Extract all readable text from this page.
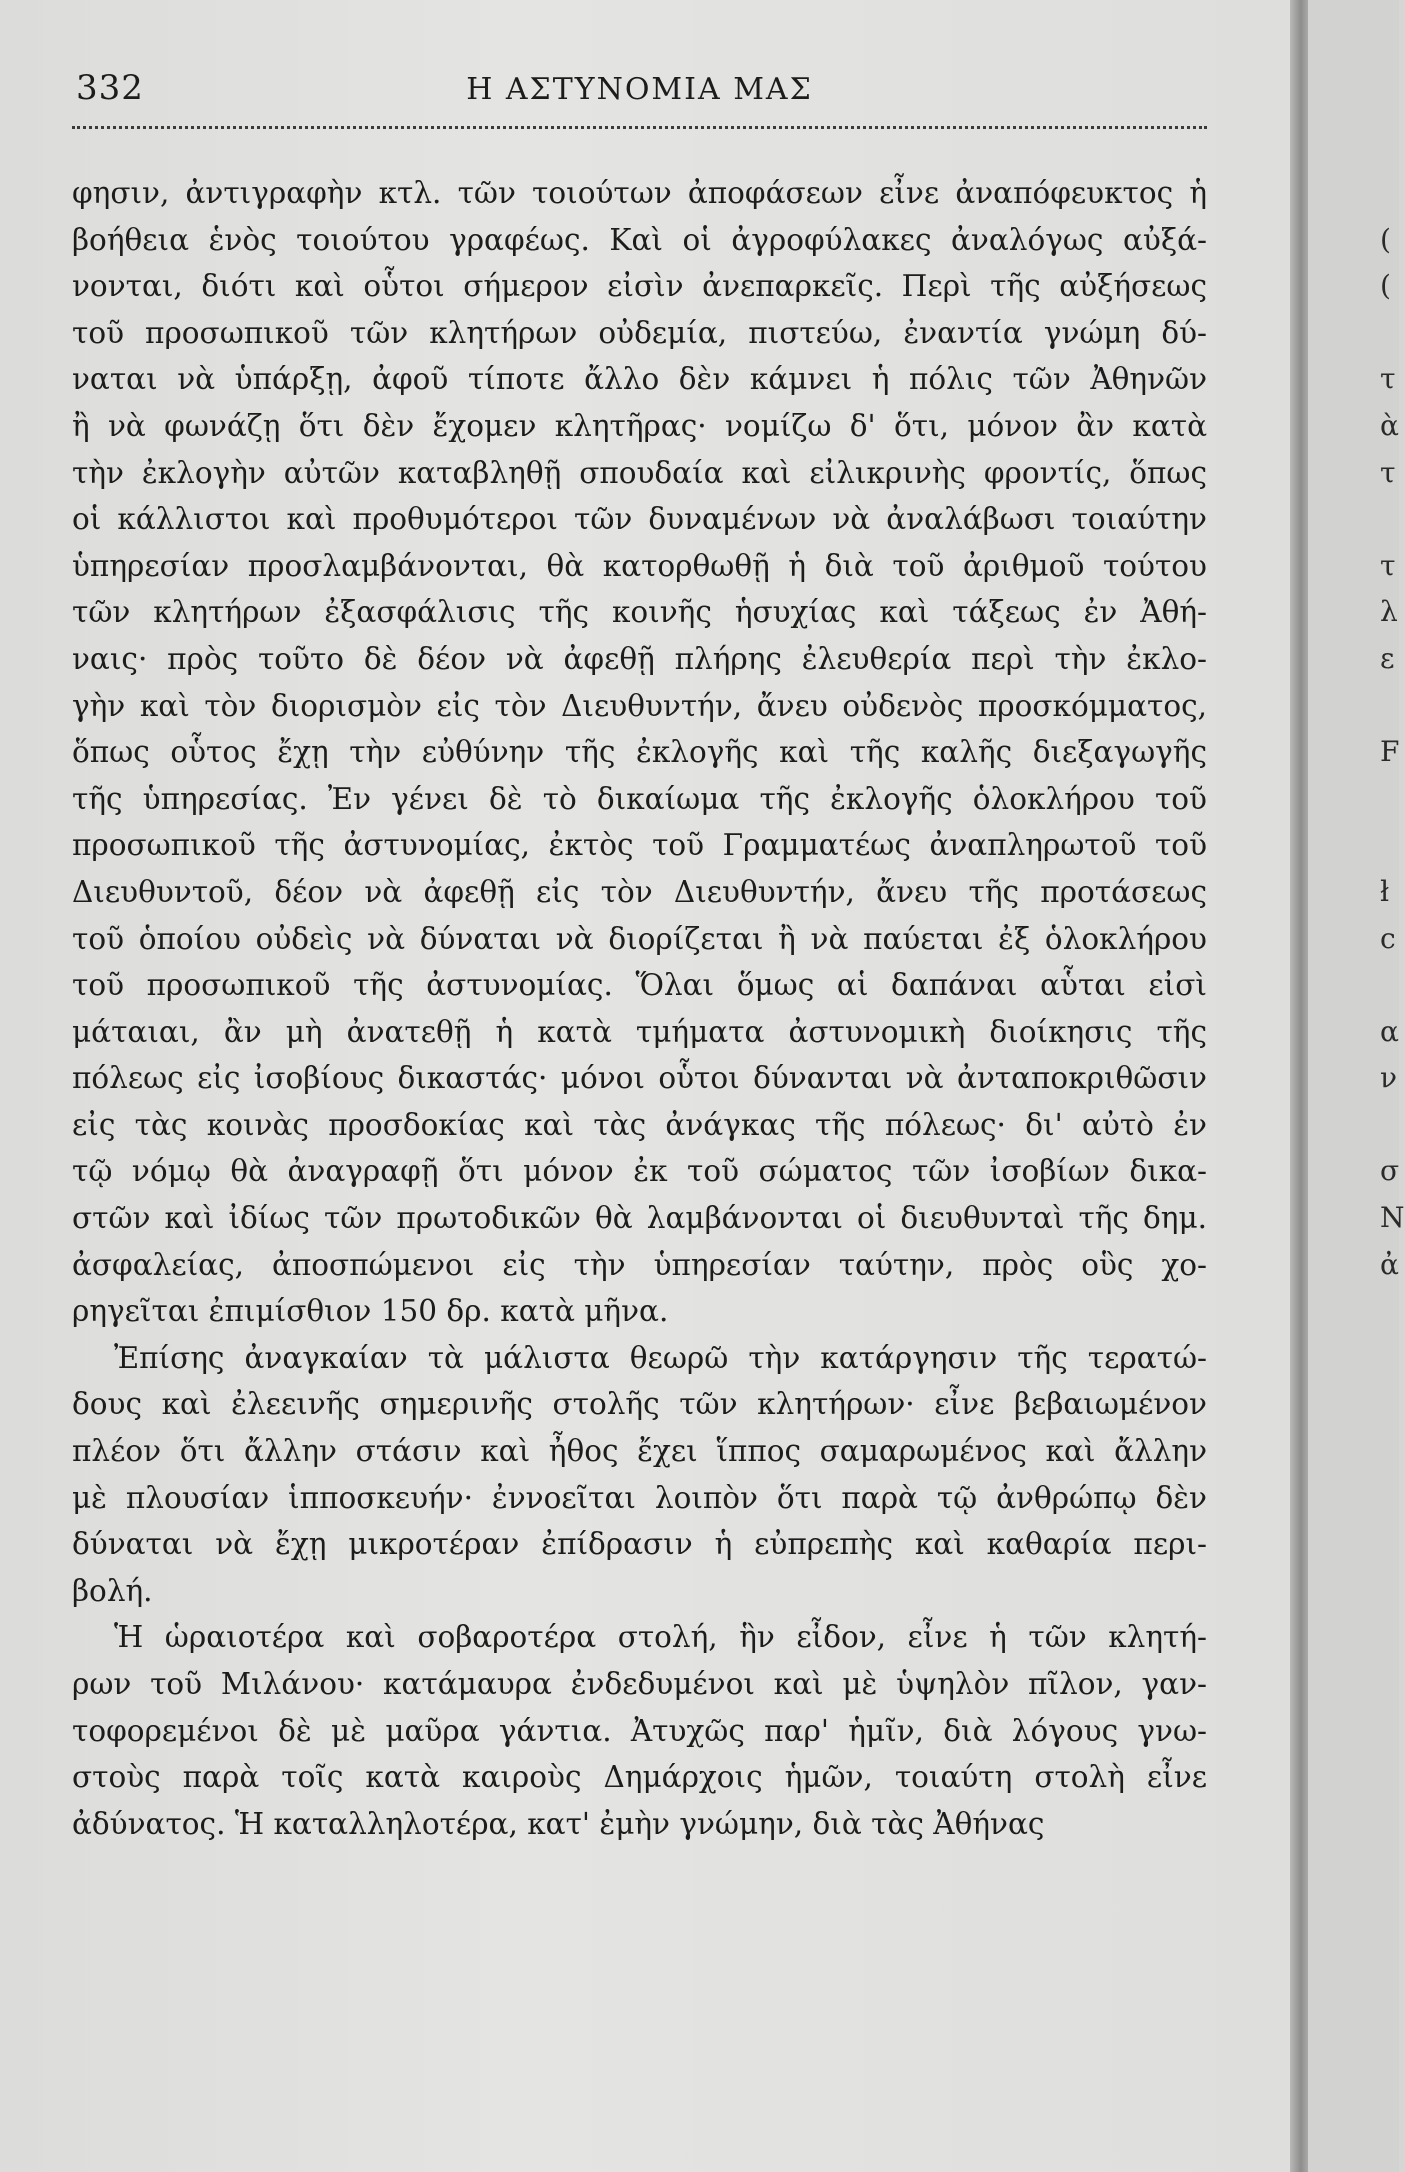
332	Η ΑΣΤΥΝΟΜΙΑ ΜΑΣ
φησιν, ἀντιγραφὴν κτλ. τῶν τοιούτων ἀποφάσεων εἶνε ἀναπόφευκτος ἡ
βοήθεια ἑνὸς τοιούτου γραφέως. Καὶ οἱ ἀγροφύλακες ἀναλόγως αὐξά-
νονται, διότι καὶ οὗτοι σήμερον εἰσὶν ἀνεπαρκεῖς. Περὶ τῆς αὐξήσεως
τοῦ προσωπικοῦ τῶν κλητήρων οὐδεμία, πιστεύω, ἐναντία γνώμη δύ-
ναται νὰ ὑπάρξῃ, ἀφοῦ τίποτε ἄλλο δὲν κάμνει ἡ πόλις τῶν Ἀθηνῶν
ἢ νὰ φωνάζῃ ὅτι δὲν ἔχομεν κλητῆρας· νομίζω δ' ὅτι, μόνον ἂν κατὰ
τὴν ἐκλογὴν αὐτῶν καταβληθῇ σπουδαία καὶ εἰλικρινὴς φροντίς, ὅπως
οἱ κάλλιστοι καὶ προθυμότεροι τῶν δυναμένων νὰ ἀναλάβωσι τοιαύτην
ὑπηρεσίαν προσλαμβάνονται, θὰ κατορθωθῇ ἡ διὰ τοῦ ἀριθμοῦ τούτου
τῶν κλητήρων ἐξασφάλισις τῆς κοινῆς ἡσυχίας καὶ τάξεως ἐν Ἀθή-
ναις· πρὸς τοῦτο δὲ δέον νὰ ἀφεθῇ πλήρης ἐλευθερία περὶ τὴν ἐκλο-
γὴν καὶ τὸν διορισμὸν εἰς τὸν Διευθυντήν, ἄνευ οὐδενὸς προσκόμματος,
ὅπως οὗτος ἔχῃ τὴν εὐθύνην τῆς ἐκλογῆς καὶ τῆς καλῆς διεξαγωγῆς
τῆς ὑπηρεσίας. Ἐν γένει δὲ τὸ δικαίωμα τῆς ἐκλογῆς ὁλοκλήρου τοῦ
προσωπικοῦ τῆς ἀστυνομίας, ἐκτὸς τοῦ Γραμματέως ἀναπληρωτοῦ τοῦ
Διευθυντοῦ, δέον νὰ ἀφεθῇ εἰς τὸν Διευθυντήν, ἄνευ τῆς προτάσεως
τοῦ ὁποίου οὐδεὶς νὰ δύναται νὰ διορίζεται ἢ νὰ παύεται ἐξ ὁλοκλήρου
τοῦ προσωπικοῦ τῆς ἀστυνομίας. Ὅλαι ὅμως αἱ δαπάναι αὗται εἰσὶ
μάταιαι, ἂν μὴ ἀνατεθῇ ἡ κατὰ τμήματα ἀστυνομικὴ διοίκησις τῆς
πόλεως εἰς ἰσοβίους δικαστάς· μόνοι οὗτοι δύνανται νὰ ἀνταποκριθῶσιν
εἰς τὰς κοινὰς προσδοκίας καὶ τὰς ἀνάγκας τῆς πόλεως· δι' αὐτὸ ἐν
τῷ νόμῳ θὰ ἀναγραφῇ ὅτι μόνον ἐκ τοῦ σώματος τῶν ἰσοβίων δικα-
στῶν καὶ ἰδίως τῶν πρωτοδικῶν θὰ λαμβάνονται οἱ διευθυνταὶ τῆς δημ.
ἀσφαλείας, ἀποσπώμενοι εἰς τὴν ὑπηρεσίαν ταύτην, πρὸς οὓς χο-
ρηγεῖται ἐπιμίσθιον 150 δρ. κατὰ μῆνα.
Ἐπίσης ἀναγκαίαν τὰ μάλιστα θεωρῶ τὴν κατάργησιν τῆς τερατώ-
δους καὶ ἐλεεινῆς σημερινῆς στολῆς τῶν κλητήρων· εἶνε βεβαιωμένον
πλέον ὅτι ἄλλην στάσιν καὶ ἦθος ἔχει ἵππος σαμαρωμένος καὶ ἄλλην
μὲ πλουσίαν ἱπποσκευήν· ἐννοεῖται λοιπὸν ὅτι παρὰ τῷ ἀνθρώπῳ δὲν
δύναται νὰ ἔχῃ μικροτέραν ἐπίδρασιν ἡ εὐπρεπὴς καὶ καθαρία περι-
βολή.
Ἡ ὡραιοτέρα καὶ σοβαροτέρα στολή, ἣν εἶδον, εἶνε ἡ τῶν κλητή-
ρων τοῦ Μιλάνου· κατάμαυρα ἐνδεδυμένοι καὶ μὲ ὑψηλὸν πῖλον, γαν-
τοφορεμένοι δὲ μὲ μαῦρα γάντια. Ἀτυχῶς παρ' ἡμῖν, διὰ λόγους γνω-
στοὺς παρὰ τοῖς κατὰ καιροὺς Δημάρχοις ἡμῶν, τοιαύτη στολὴ εἶνε
ἀδύνατος. Ἡ καταλληλοτέρα, κατ' ἐμὴν γνώμην, διὰ τὰς Ἀθήνας
(
(
τ
ὰ
τ
τ
λ
ε
F
ł
c
α
ν
σ
Ν
ἀ
